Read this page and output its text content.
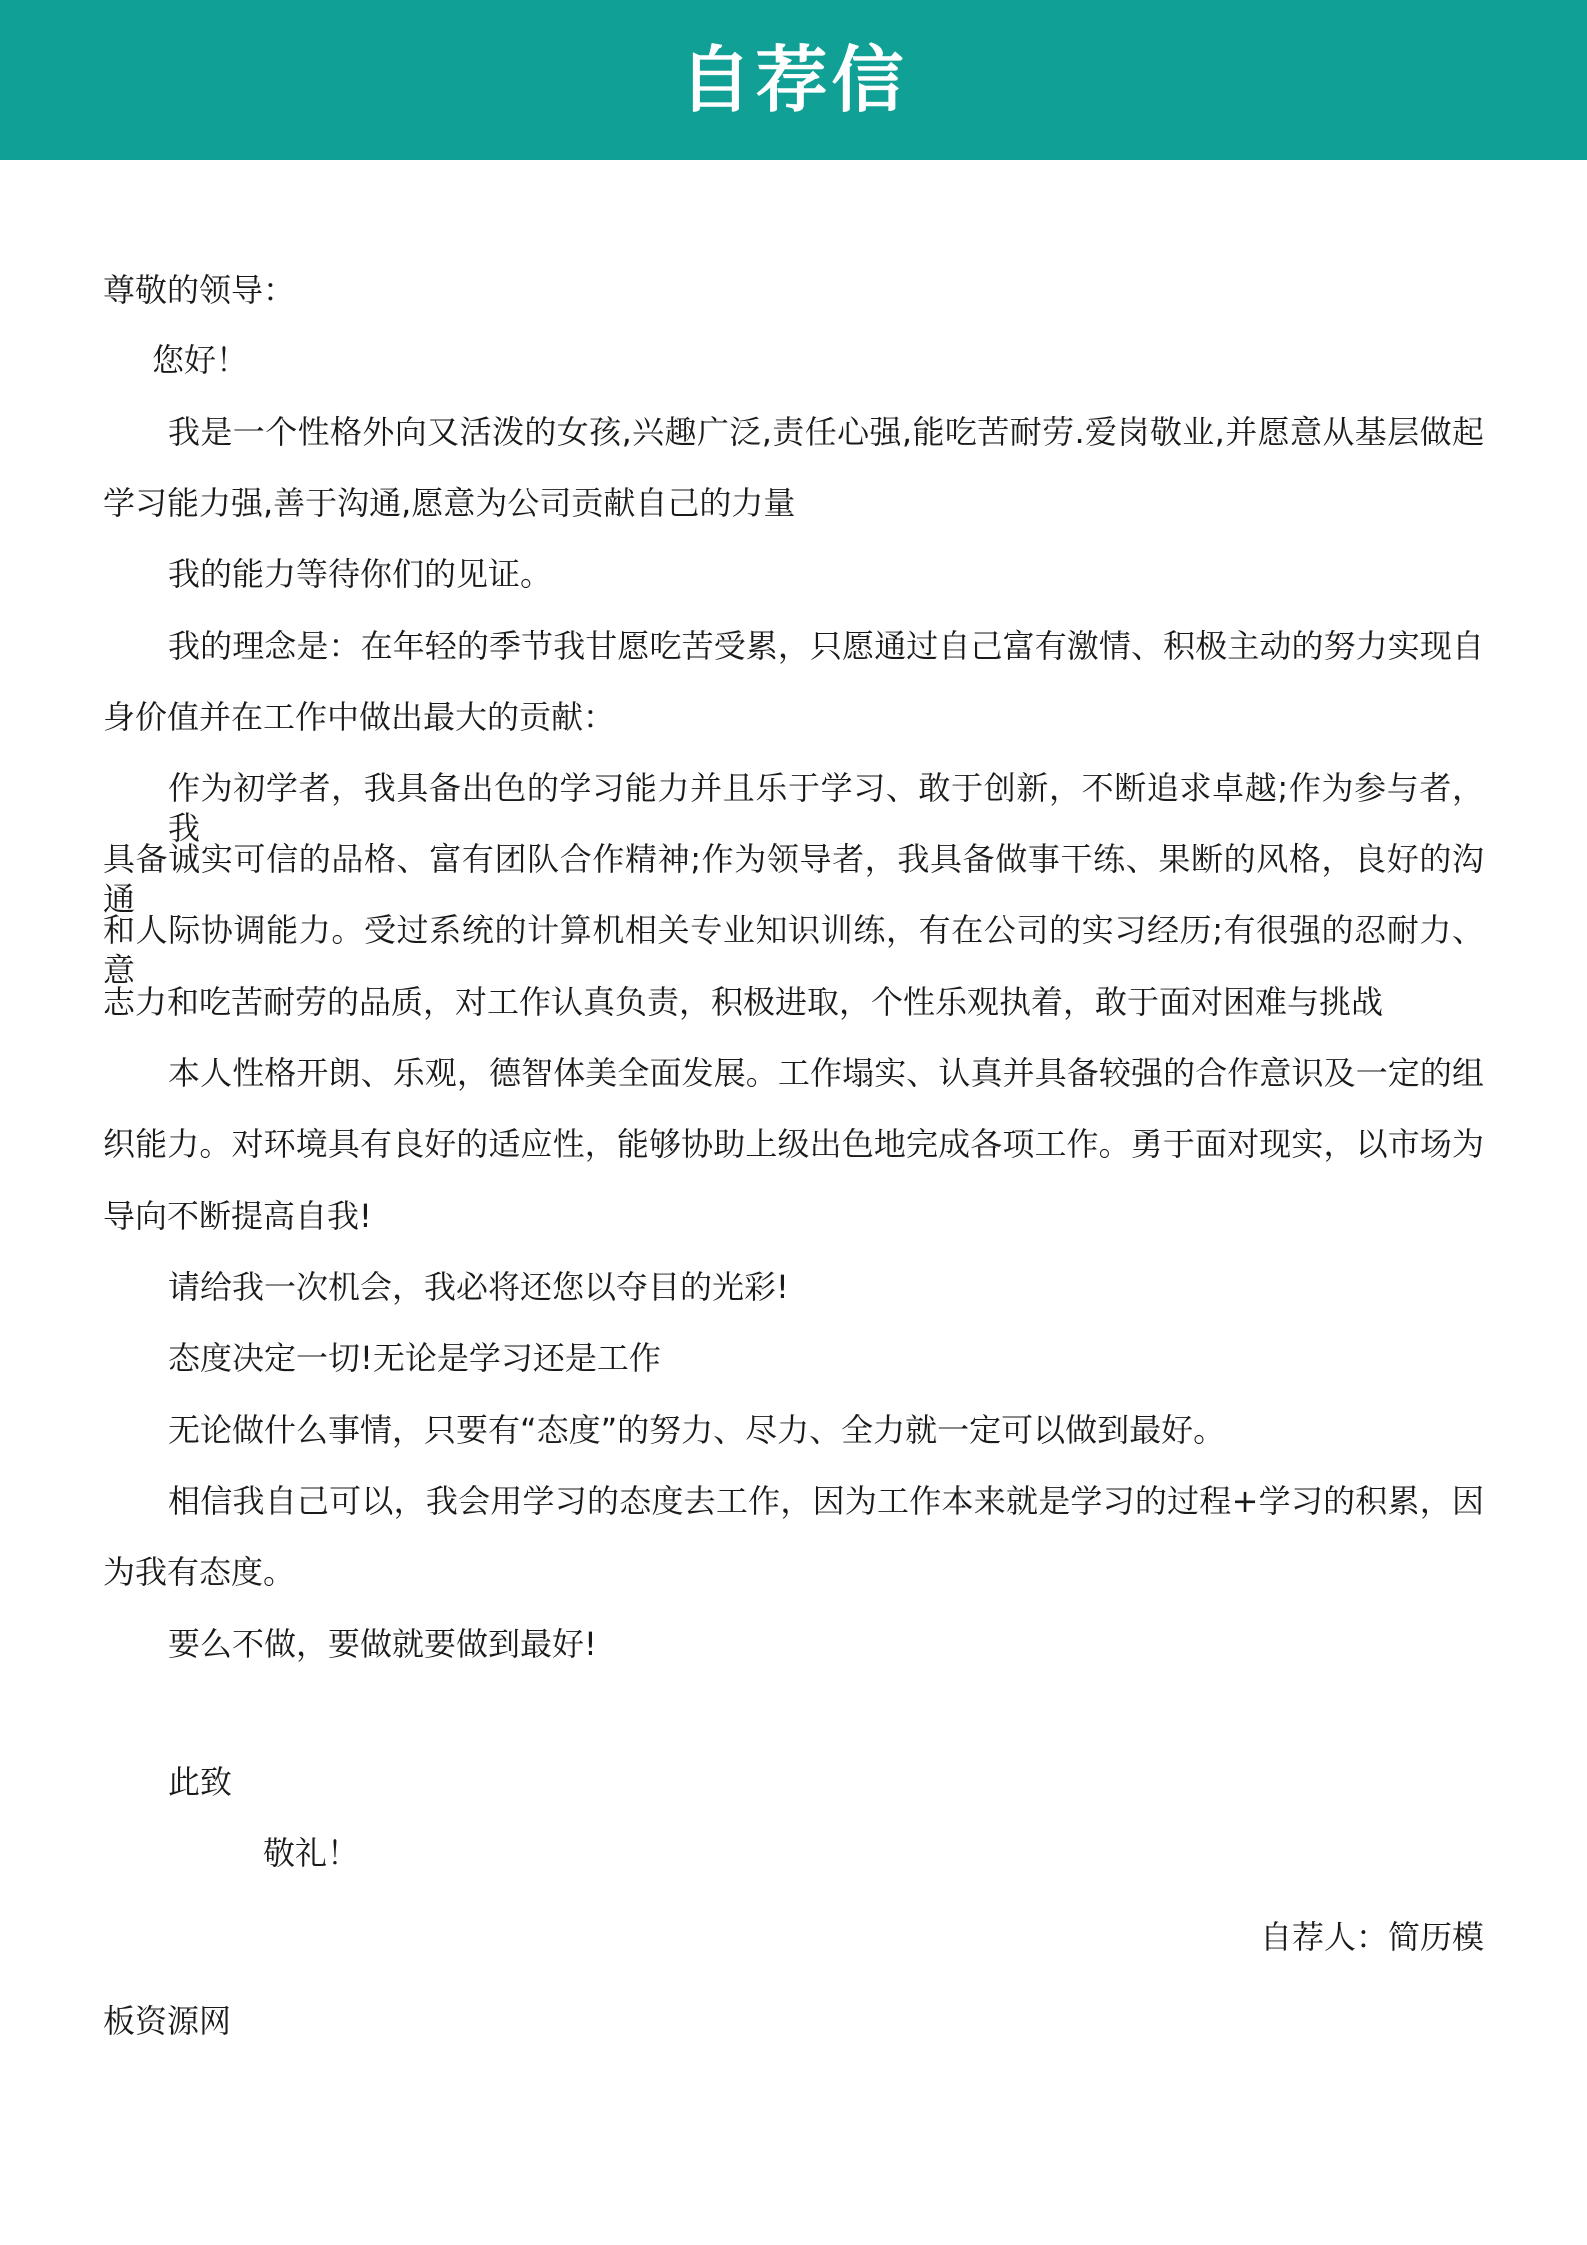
自荐信
尊敬的领导：
您好！
我是一个性格外向又活泼的女孩,兴趣广泛,责任心强,能吃苦耐劳.爱岗敬业,并愿意从基层做起
学习能力强,善于沟通,愿意为公司贡献自己的力量
我的能力等待你们的见证。
我的理念是：在年轻的季节我甘愿吃苦受累，只愿通过自己富有激情、积极主动的努力实现自
身价值并在工作中做出最大的贡献：
作为初学者，我具备出色的学习能力并且乐于学习、敢于创新，不断追求卓越;作为参与者，我
具备诚实可信的品格、富有团队合作精神;作为领导者，我具备做事干练、果断的风格，良好的沟通
和人际协调能力。受过系统的计算机相关专业知识训练，有在公司的实习经历;有很强的忍耐力、意
志力和吃苦耐劳的品质，对工作认真负责，积极进取，个性乐观执着，敢于面对困难与挑战
本人性格开朗、乐观，德智体美全面发展。工作塌实、认真并具备较强的合作意识及一定的组
织能力。对环境具有良好的适应性，能够协助上级出色地完成各项工作。勇于面对现实，以市场为
导向不断提高自我!
请给我一次机会，我必将还您以夺目的光彩!
态度决定一切!无论是学习还是工作
无论做什么事情，只要有“态度”的努力、尽力、全力就一定可以做到最好。
相信我自己可以，我会用学习的态度去工作，因为工作本来就是学习的过程+学习的积累，因
为我有态度。
要么不做，要做就要做到最好!
此致
敬礼！
自荐人：简历模
板资源网
